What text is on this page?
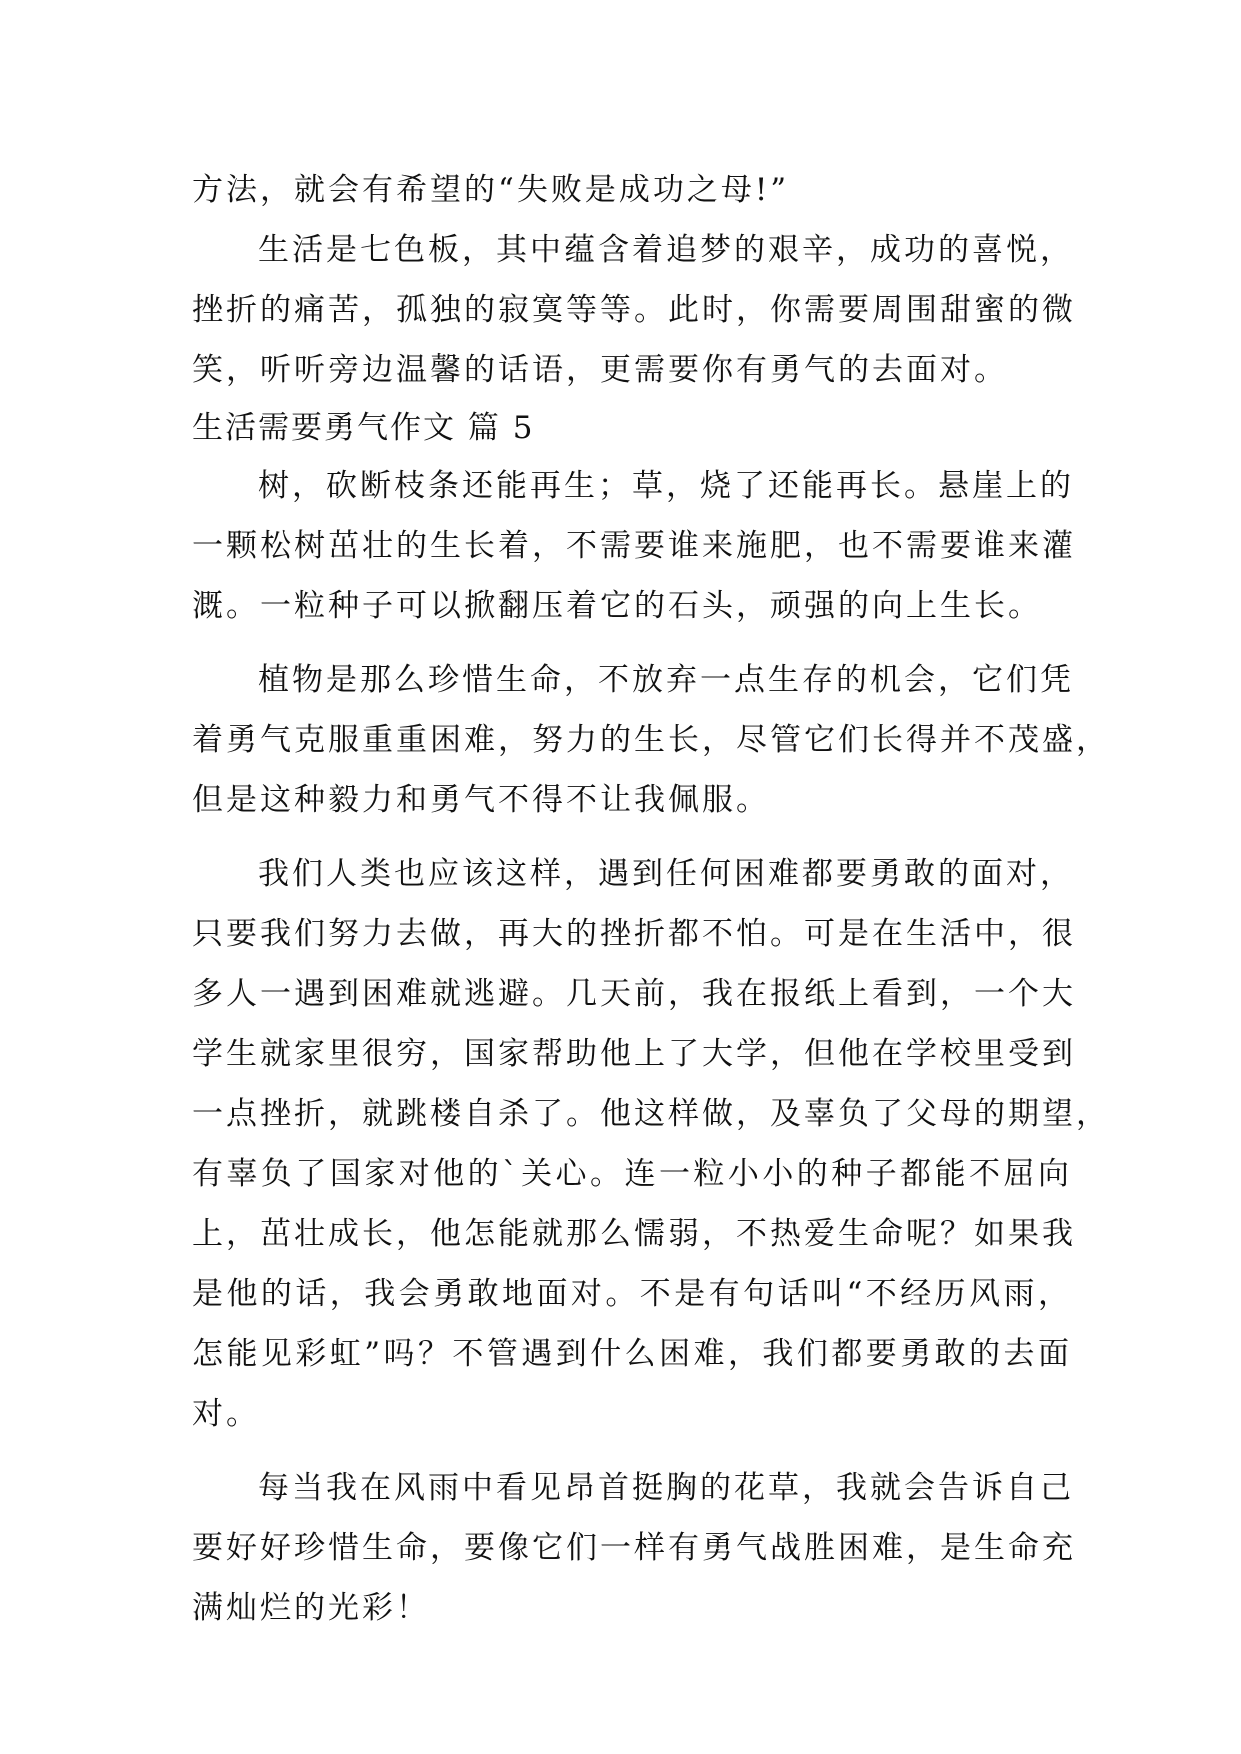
方法，就会有希望的“失败是成功之母!”
生活是七色板，其中蕴含着追梦的艰辛，成功的喜悦，
挫折的痛苦，孤独的寂寞等等。此时，你需要周围甜蜜的微
笑，听听旁边温馨的话语，更需要你有勇气的去面对。
生活需要勇气作文 篇 5
树，砍断枝条还能再生；草，烧了还能再长。悬崖上的
一颗松树茁壮的生长着，不需要谁来施肥，也不需要谁来灌
溉。一粒种子可以掀翻压着它的石头，顽强的向上生长。
植物是那么珍惜生命，不放弃一点生存的机会，它们凭
着勇气克服重重困难，努力的生长，尽管它们长得并不茂盛，
但是这种毅力和勇气不得不让我佩服。
我们人类也应该这样，遇到任何困难都要勇敢的面对，
只要我们努力去做，再大的挫折都不怕。可是在生活中，很
多人一遇到困难就逃避。几天前，我在报纸上看到，一个大
学生就家里很穷，国家帮助他上了大学，但他在学校里受到
一点挫折，就跳楼自杀了。他这样做，及辜负了父母的期望，
有辜负了国家对他的`关心。连一粒小小的种子都能不屈向
上，茁壮成长，他怎能就那么懦弱，不热爱生命呢？如果我
是他的话，我会勇敢地面对。不是有句话叫“不经历风雨，
怎能见彩虹”吗？不管遇到什么困难，我们都要勇敢的去面
对。
每当我在风雨中看见昂首挺胸的花草，我就会告诉自己
要好好珍惜生命，要像它们一样有勇气战胜困难，是生命充
满灿烂的光彩！
